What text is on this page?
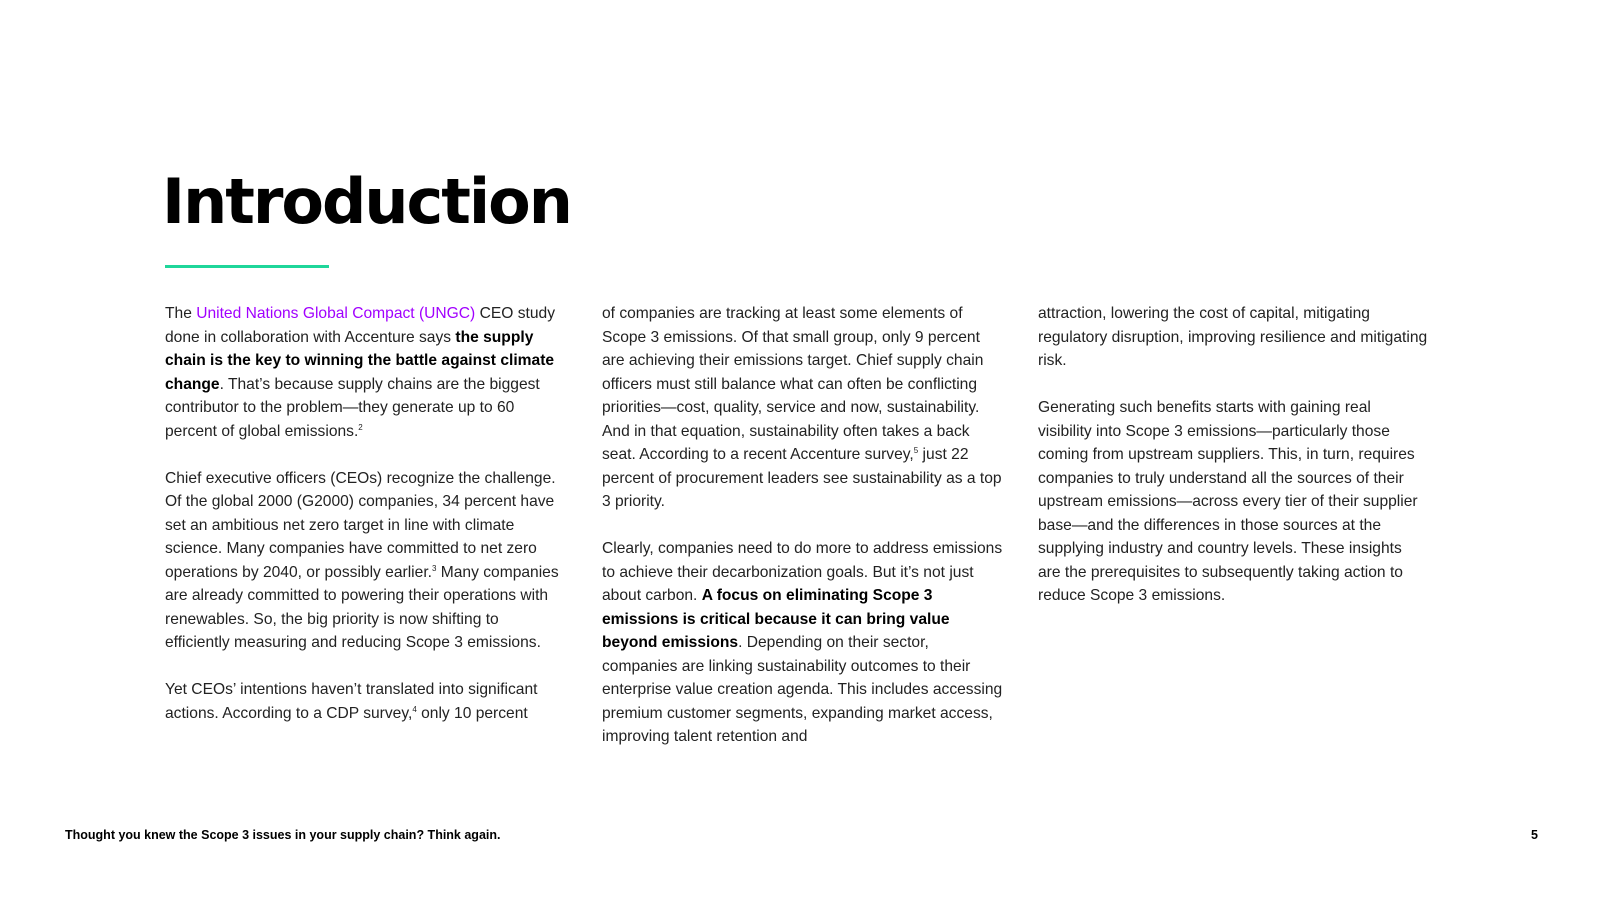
Introduction

The United Nations Global Compact (UNGC) CEO study done in collaboration with Accenture says the supply chain is the key to winning the battle against climate change. That’s because supply chains are the biggest contributor to the problem—they generate up to 60 percent of global emissions.$^2$

Chief executive officers (CEOs) recognize the challenge. Of the global 2000 (G2000) companies, 34 percent have set an ambitious net zero target in line with climate science. Many companies have committed to net zero operations by 2040, or possibly earlier.$^3$ Many companies are already committed to powering their operations with renewables. So, the big priority is now shifting to efficiently measuring and reducing Scope 3 emissions.

Yet CEOs’ intentions haven’t translated into significant actions. According to a CDP survey,$^4$ only 10 percent

of companies are tracking at least some elements of Scope 3 emissions. Of that small group, only 9 percent are achieving their emissions target. Chief supply chain officers must still balance what can often be conflicting priorities—cost, quality, service and now, sustainability. And in that equation, sustainability often takes a back seat. According to a recent Accenture survey,$^5$ just 22 percent of procurement leaders see sustainability as a top 3 priority.

Clearly, companies need to do more to address emissions to achieve their decarbonization goals. But it’s not just about carbon. A focus on eliminating Scope 3 emissions is critical because it can bring value beyond emissions. Depending on their sector, companies are linking sustainability outcomes to their enterprise value creation agenda. This includes accessing premium customer segments, expanding market access, improving talent retention and

attraction, lowering the cost of capital, mitigating regulatory disruption, improving resilience and mitigating risk.

Generating such benefits starts with gaining real visibility into Scope 3 emissions—particularly those coming from upstream suppliers. This, in turn, requires companies to truly understand all the sources of their upstream emissions—across every tier of their supplier base—and the differences in those sources at the supplying industry and country levels. These insights are the prerequisites to subsequently taking action to reduce Scope 3 emissions.

Thought you knew the Scope 3 issues in your supply chain? Think again.	5
